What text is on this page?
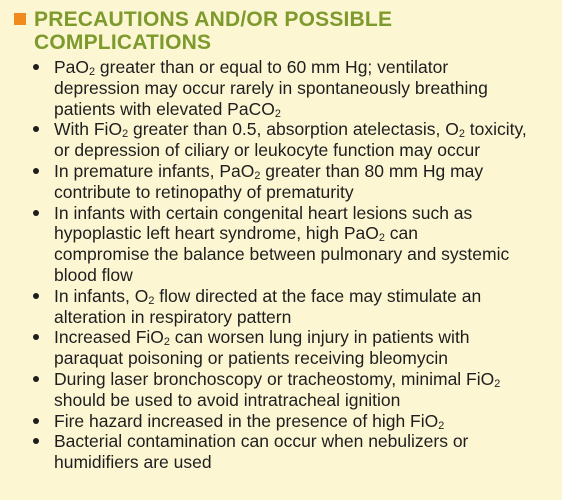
PRECAUTIONS AND/OR POSSIBLE
COMPLICATIONS
PaO$_2$ greater than or equal to 60 mm Hg; ventilator
depression may occur rarely in spontaneously breathing
patients with elevated PaCO$_2$
With FiO$_2$ greater than 0.5, absorption atelectasis, $O_2$ toxicity,
or depression of ciliary or leukocyte function may occur
In premature infants, PaO$_2$ greater than 80 mm Hg may
contribute to retinopathy of prematurity
In infants with certain congenital heart lesions such as
hypoplastic left heart syndrome, high PaO$_2$ can
compromise the balance between pulmonary and systemic
blood flow
In infants, $O_2$ flow directed at the face may stimulate an
alteration in respiratory pattern
Increased FiO$_2$ can worsen lung injury in patients with
paraquat poisoning or patients receiving bleomycin
During laser bronchoscopy or tracheostomy, minimal FiO$_2$
should be used to avoid intratracheal ignition
Fire hazard increased in the presence of high FiO$_2$
Bacterial contamination can occur when nebulizers or
humidifiers are used
